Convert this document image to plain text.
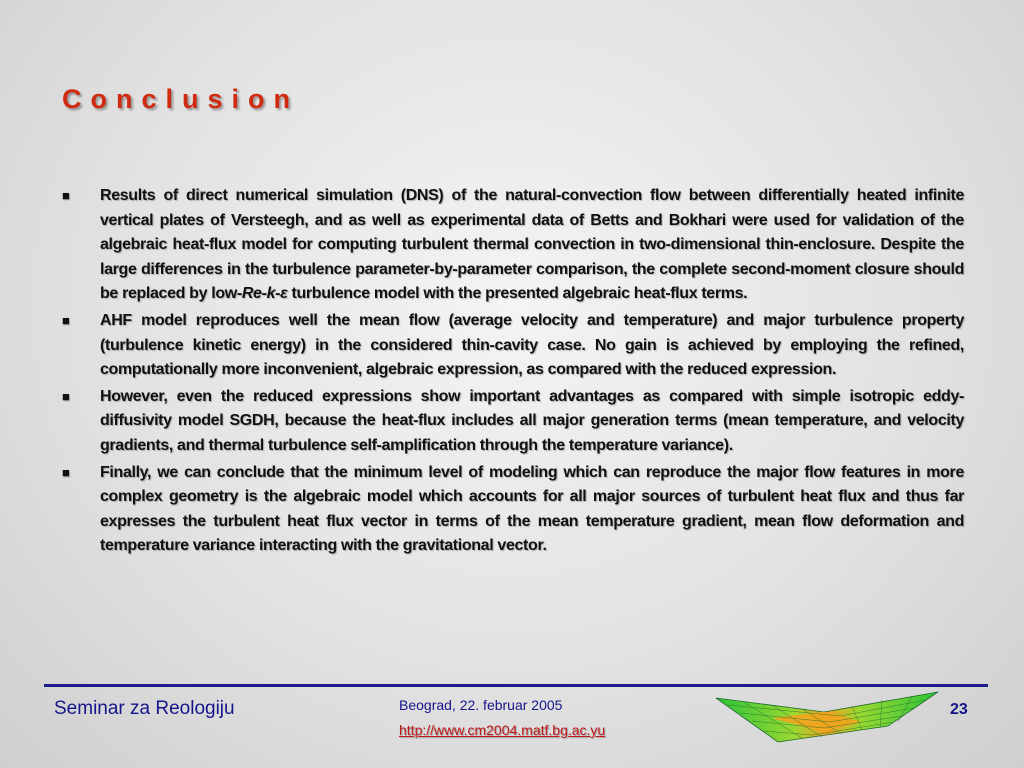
Conclusion
■ Results of direct numerical simulation (DNS) of the natural-convection flow between differentially heated infinite vertical plates of Versteegh, and as well as experimental data of Betts and Bokhari were used for validation of the algebraic heat-flux model for computing turbulent thermal convection in two-dimensional thin-enclosure. Despite the large differences in the turbulence parameter-by-parameter comparison, the complete second-moment closure should be replaced by low-Re-k-ε turbulence model with the presented algebraic heat-flux terms.
■ AHF model reproduces well the mean flow (average velocity and temperature) and major turbulence property (turbulence kinetic energy) in the considered thin-cavity case. No gain is achieved by employing the refined, computationally more inconvenient, algebraic expression, as compared with the reduced expression.
■ However, even the reduced expressions show important advantages as compared with simple isotropic eddy-diffusivity model SGDH, because the heat-flux includes all major generation terms (mean temperature, and velocity gradients, and thermal turbulence self-amplification through the temperature variance).
■ Finally, we can conclude that the minimum level of modeling which can reproduce the major flow features in more complex geometry is the algebraic model which accounts for all major sources of turbulent heat flux and thus far expresses the turbulent heat flux vector in terms of the mean temperature gradient, mean flow deformation and temperature variance interacting with the gravitational vector.
Seminar za Reologiju	Beograd, 22. februar 2005
http://www.cm2004.matf.bg.ac.yu
23
